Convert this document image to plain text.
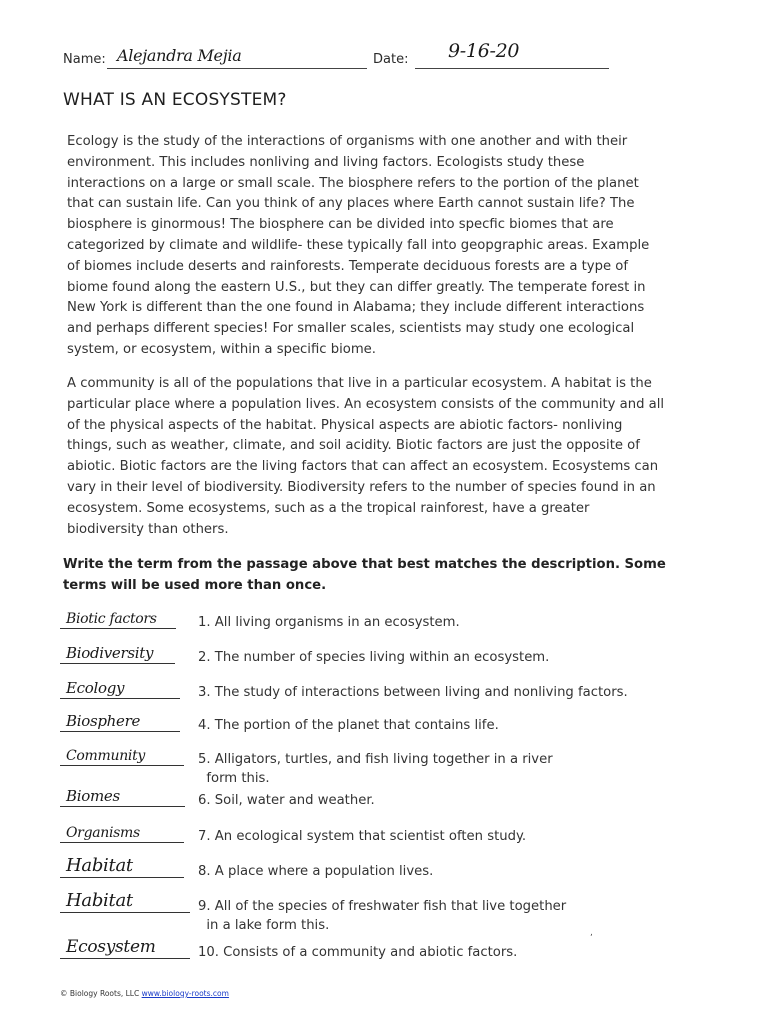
Name: Alejandra Mejia	Date: 9-16-20
WHAT IS AN ECOSYSTEM?
Ecology is the study of the interactions of organisms with one another and with their
environment. This includes nonliving and living factors. Ecologists study these
interactions on a large or small scale. The biosphere refers to the portion of the planet
that can sustain life. Can you think of any places where Earth cannot sustain life? The
biosphere is ginormous! The biosphere can be divided into specfic biomes that are
categorized by climate and wildlife- these typically fall into geopgraphic areas. Example
of biomes include deserts and rainforests. Temperate deciduous forests are a type of
biome found along the eastern U.S., but they can differ greatly. The temperate forest in
New York is different than the one found in Alabama; they include different interactions
and perhaps different species! For smaller scales, scientists may study one ecological
system, or ecosystem, within a specific biome.
A community is all of the populations that live in a particular ecosystem. A habitat is the
particular place where a population lives. An ecosystem consists of the community and all
of the physical aspects of the habitat. Physical aspects are abiotic factors- nonliving
things, such as weather, climate, and soil acidity. Biotic factors are just the opposite of
abiotic. Biotic factors are the living factors that can affect an ecosystem. Ecosystems can
vary in their level of biodiversity. Biodiversity refers to the number of species found in an
ecosystem. Some ecosystems, such as a the tropical rainforest, have a greater
biodiversity than others.
Write the term from the passage above that best matches the description. Some
terms will be used more than once.
Biotic factors	1. All living organisms in an ecosystem.
Biodiversity	2. The number of species living within an ecosystem.
Ecology	3. The study of interactions between living and nonliving factors.
Biosphere	4. The portion of the planet that contains life.
Community	5. Alligators, turtles, and fish living together in a river
form this.
Biomes	6. Soil, water and weather.
Organisms	7. An ecological system that scientist often study.
Habitat	8. A place where a population lives.
Habitat	9. All of the species of freshwater fish that live together
in a lake form this.
Ecosystem	10. Consists of a community and abiotic factors.
,
© Biology Roots, LLC www.biology-roots.com
